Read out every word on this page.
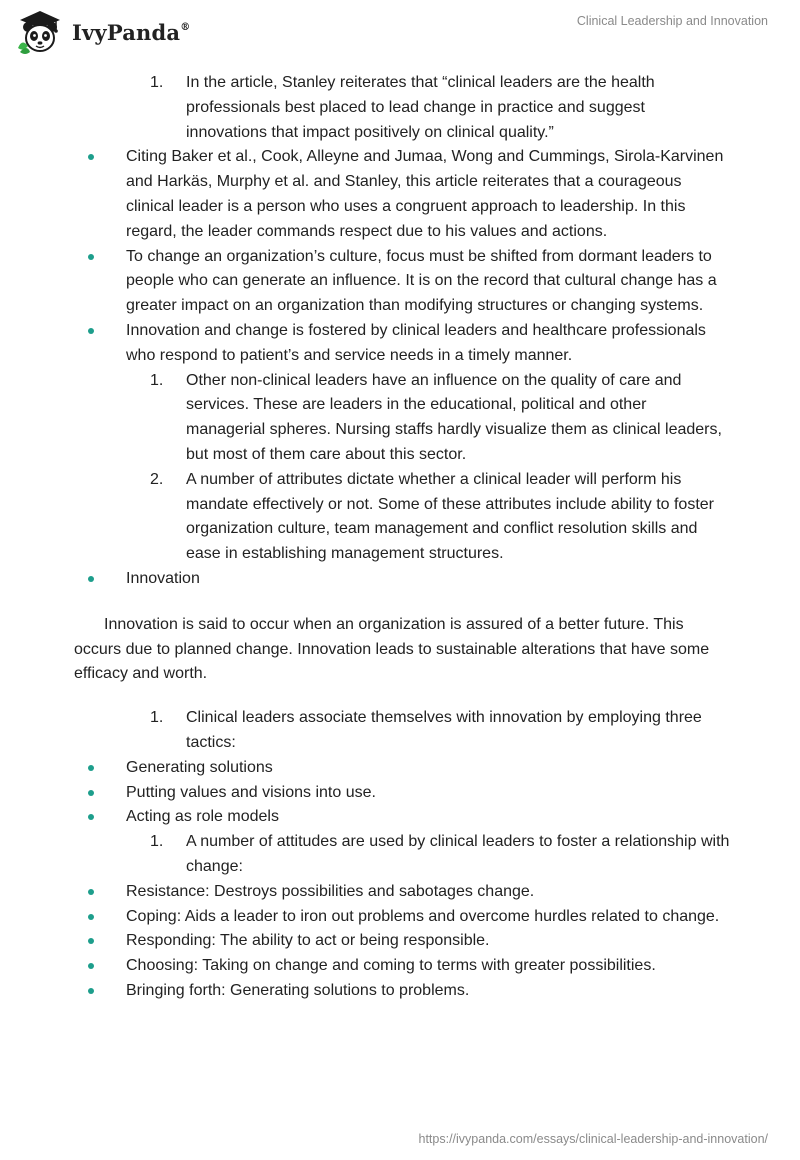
IvyPanda®	Clinical Leadership and Innovation
1. In the article, Stanley reiterates that “clinical leaders are the health professionals best placed to lead change in practice and suggest innovations that impact positively on clinical quality.”
Citing Baker et al., Cook, Alleyne and Jumaa, Wong and Cummings, Sirola-Karvinen and Harkäs, Murphy et al. and Stanley, this article reiterates that a courageous clinical leader is a person who uses a congruent approach to leadership. In this regard, the leader commands respect due to his values and actions.
To change an organization’s culture, focus must be shifted from dormant leaders to people who can generate an influence. It is on the record that cultural change has a greater impact on an organization than modifying structures or changing systems.
Innovation and change is fostered by clinical leaders and healthcare professionals who respond to patient’s and service needs in a timely manner.
1. Other non-clinical leaders have an influence on the quality of care and services. These are leaders in the educational, political and other managerial spheres. Nursing staffs hardly visualize them as clinical leaders, but most of them care about this sector.
2. A number of attributes dictate whether a clinical leader will perform his mandate effectively or not. Some of these attributes include ability to foster organization culture, team management and conflict resolution skills and ease in establishing management structures.
Innovation
Innovation is said to occur when an organization is assured of a better future. This occurs due to planned change. Innovation leads to sustainable alterations that have some efficacy and worth.
1. Clinical leaders associate themselves with innovation by employing three tactics:
Generating solutions
Putting values and visions into use.
Acting as role models
1. A number of attitudes are used by clinical leaders to foster a relationship with change:
Resistance: Destroys possibilities and sabotages change.
Coping: Aids a leader to iron out problems and overcome hurdles related to change.
Responding: The ability to act or being responsible.
Choosing: Taking on change and coming to terms with greater possibilities.
Bringing forth: Generating solutions to problems.
https://ivypanda.com/essays/clinical-leadership-and-innovation/
